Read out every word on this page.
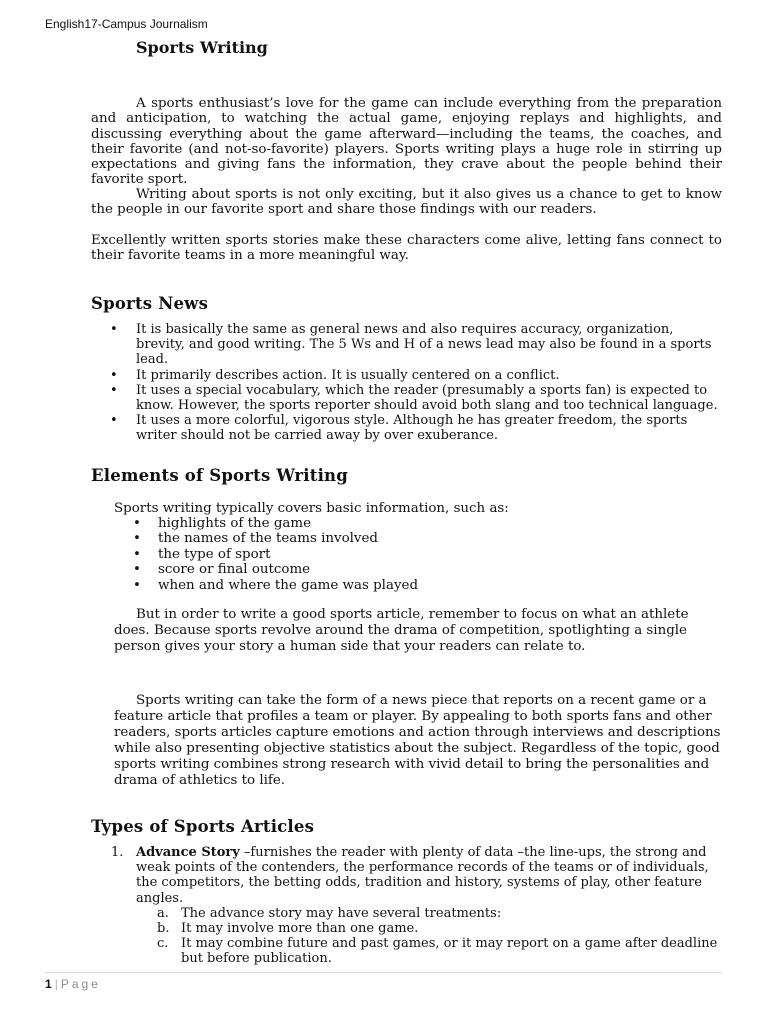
English17-Campus Journalism
Sports Writing

A sports enthusiast’s love for the game can include everything from the preparation and anticipation, to watching the actual game, enjoying replays and highlights, and discussing everything about the game afterward—including the teams, the coaches, and their favorite (and not-so-favorite) players. Sports writing plays a huge role in stirring up expectations and giving fans the information, they crave about the people behind their favorite sport.

Writing about sports is not only exciting, but it also gives us a chance to get to know the people in our favorite sport and share those findings with our readers.

Excellently written sports stories make these characters come alive, letting fans connect to their favorite teams in a more meaningful way.

Sports News
• It is basically the same as general news and also requires accuracy, organization, brevity, and good writing. The 5 Ws and H of a news lead may also be found in a sports lead.
• It primarily describes action. It is usually centered on a conflict.
• It uses a special vocabulary, which the reader (presumably a sports fan) is expected to know. However, the sports reporter should avoid both slang and too technical language.
• It uses a more colorful, vigorous style. Although he has greater freedom, the sports writer should not be carried away by over exuberance.
Elements of Sports Writing
Sports writing typically covers basic information, such as:
• highlights of the game
• the names of the teams involved
• the type of sport
• score or final outcome
• when and where the game was played

But in order to write a good sports article, remember to focus on what an athlete does. Because sports revolve around the drama of competition, spotlighting a single person gives your story a human side that your readers can relate to.

Sports writing can take the form of a news piece that reports on a recent game or a feature article that profiles a team or player. By appealing to both sports fans and other readers, sports articles capture emotions and action through interviews and descriptions while also presenting objective statistics about the subject. Regardless of the topic, good sports writing combines strong research with vivid detail to bring the personalities and drama of athletics to life.

Types of Sports Articles
1. Advance Story –furnishes the reader with plenty of data –the line-ups, the strong and weak points of the contenders, the performance records of the teams or of individuals, the competitors, the betting odds, tradition and history, systems of play, other feature angles.
a. The advance story may have several treatments:
b. It may involve more than one game.
c. It may combine future and past games, or it may report on a game after deadline but before publication.
1 | Page
